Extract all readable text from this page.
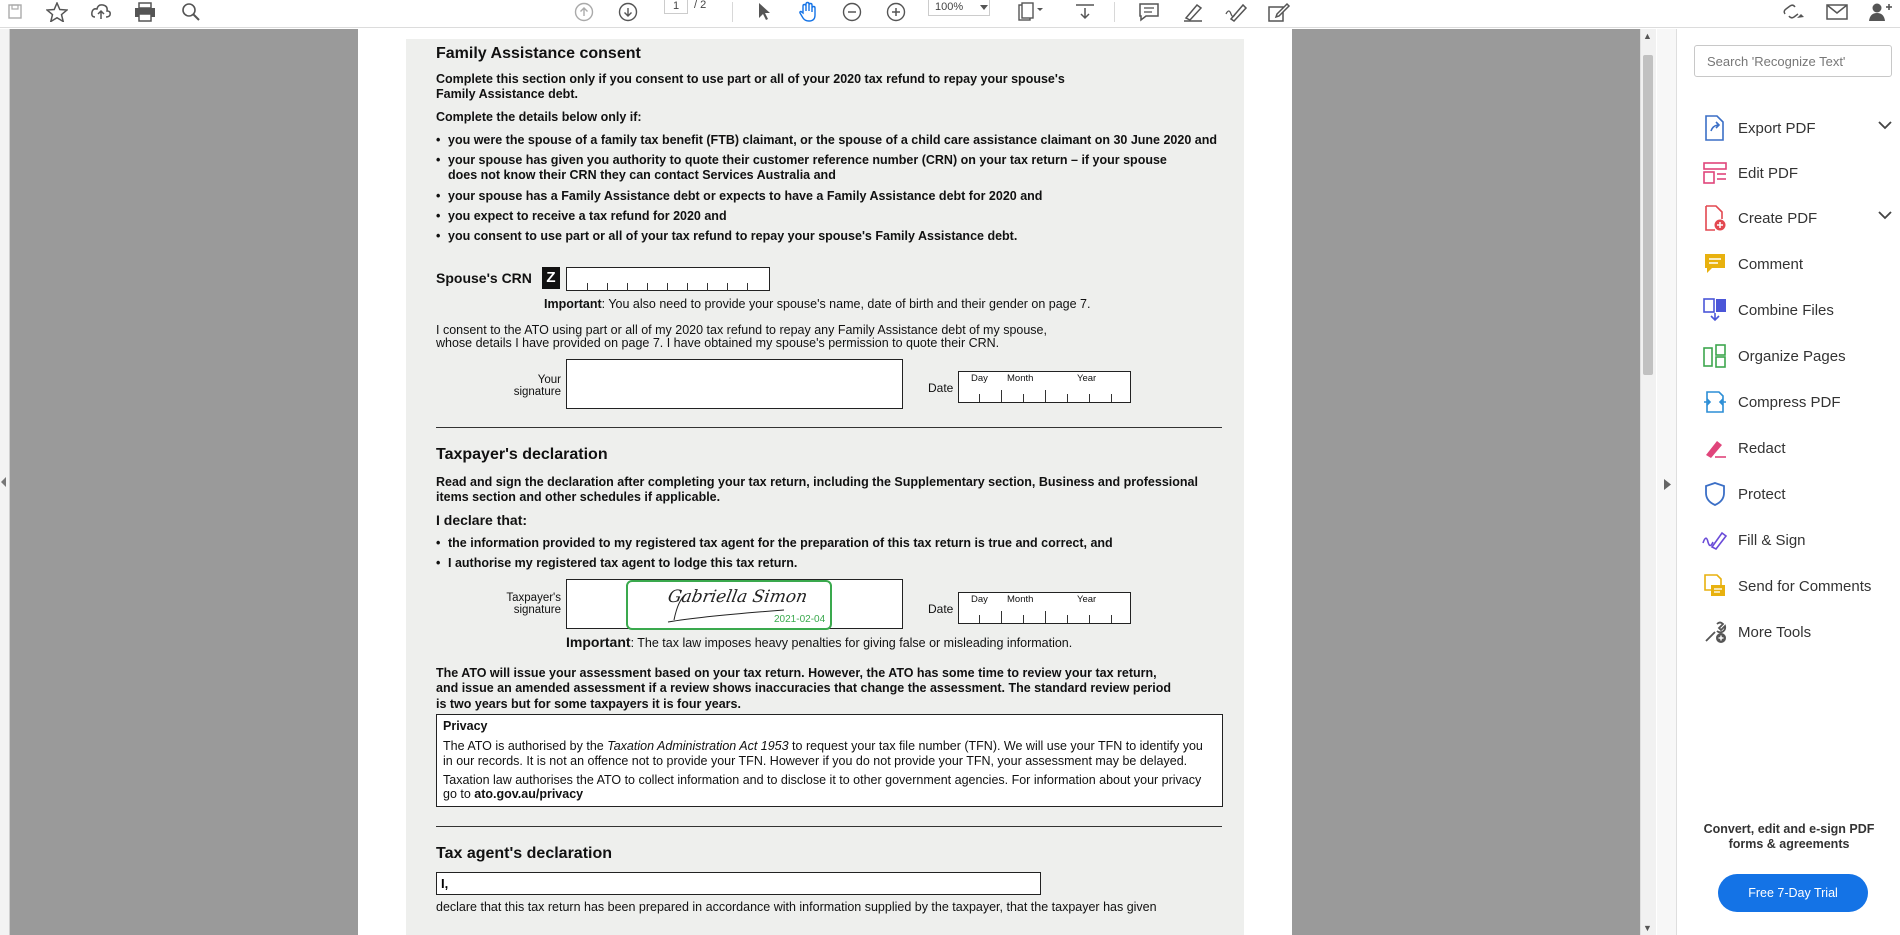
1	/ 2	100%
Family Assistance consent
Complete this section only if you consent to use part or all of your 2020 tax refund to repay your spouse's
Family Assistance debt.
Complete the details below only if:
• you were the spouse of a family tax benefit (FTB) claimant, or the spouse of a child care assistance claimant on 30 June 2020 and
• your spouse has given you authority to quote their customer reference number (CRN) on your tax return – if your spouse
does not know their CRN they can contact Services Australia and
• your spouse has a Family Assistance debt or expects to have a Family Assistance debt for 2020 and
• you expect to receive a tax refund for 2020 and
• you consent to use part or all of your tax refund to repay your spouse's Family Assistance debt.
Spouse's CRN Z
Important: You also need to provide your spouse's name, date of birth and their gender on page 7.
I consent to the ATO using part or all of my 2020 tax refund to repay any Family Assistance debt of my spouse,
whose details I have provided on page 7. I have obtained my spouse's permission to quote their CRN.
Your
signature	Date
Day Month	Year
Taxpayer's declaration
Read and sign the declaration after completing your tax return, including the Supplementary section, Business and professional
items section and other schedules if applicable.
I declare that:
• the information provided to my registered tax agent for the preparation of this tax return is true and correct, and
• I authorise my registered tax agent to lodge this tax return.
Taxpayer's
signature
Gabriella Simon
2021-02-04
Date
Day Month	Year
Important: The tax law imposes heavy penalties for giving false or misleading information.
The ATO will issue your assessment based on your tax return. However, the ATO has some time to review your tax return,
and issue an amended assessment if a review shows inaccuracies that change the assessment. The standard review period
is two years but for some taxpayers it is four years.
Privacy
The ATO is authorised by the Taxation Administration Act 1953 to request your tax file number (TFN). We will use your TFN to identify you
in our records. It is not an offence not to provide your TFN. However if you do not provide your TFN, your assessment may be delayed.
Taxation law authorises the ATO to collect information and to disclose it to other government agencies. For information about your privacy
go to ato.gov.au/privacy
Tax agent's declaration
I,
declare that this tax return has been prepared in accordance with information supplied by the taxpayer, that the taxpayer has given
▲
▼
Search 'Recognize Text'
Export PDF
Edit PDF
Create PDF
Comment
Combine Files
Organize Pages
Compress PDF
Redact
Protect
Fill & Sign
Send for Comments
More Tools
Convert, edit and e-sign PDF forms & agreements
Free 7-Day Trial
